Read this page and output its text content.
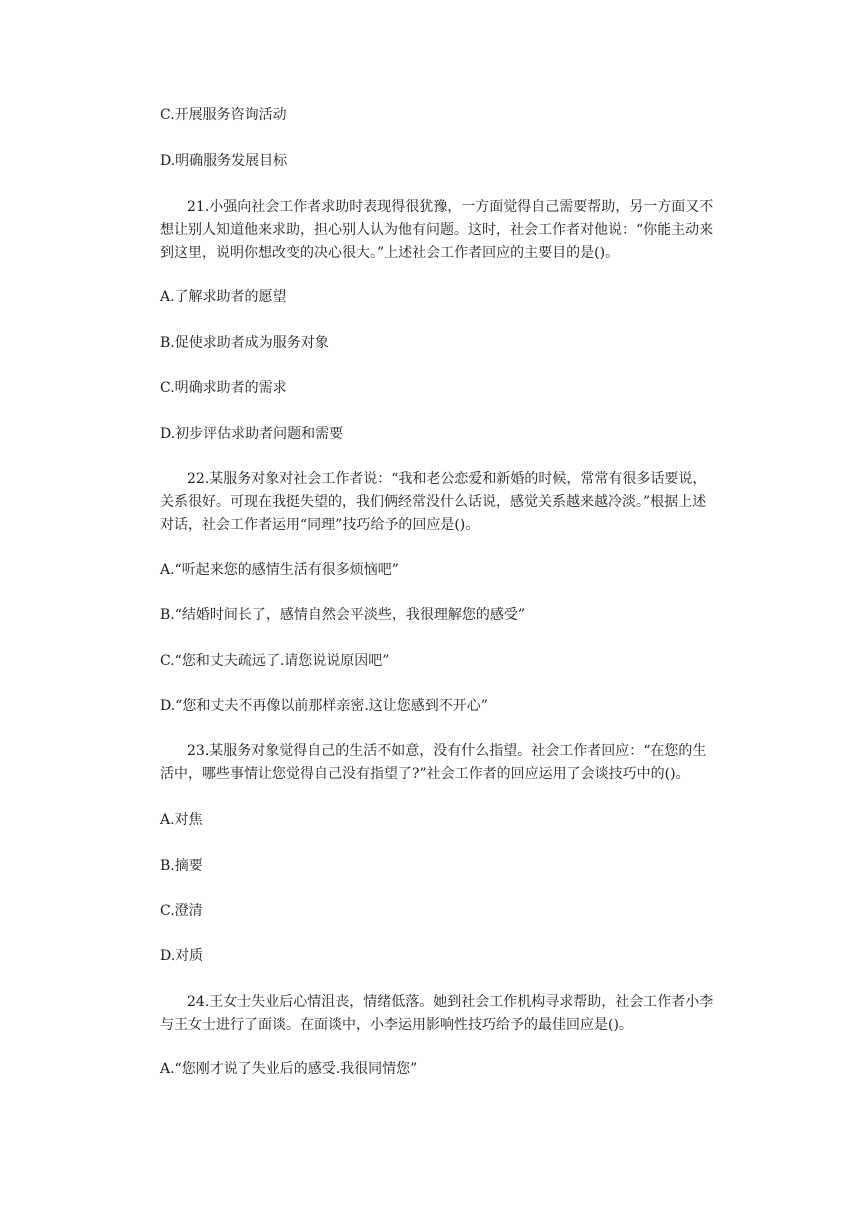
C.开展服务咨询活动

D.明确服务发展目标

21.小强向社会工作者求助时表现得很犹豫，一方面觉得自己需要帮助，另一方面又不
想让别人知道他来求助，担心别人认为他有问题。这时，社会工作者对他说：“你能主动来
到这里，说明你想改变的决心很大。”上述社会工作者回应的主要目的是()。

A.了解求助者的愿望

B.促使求助者成为服务对象

C.明确求助者的需求

D.初步评估求助者问题和需要

22.某服务对象对社会工作者说：“我和老公恋爱和新婚的时候，常常有很多话要说，
关系很好。可现在我挺失望的，我们俩经常没什么话说，感觉关系越来越冷淡。”根据上述
对话，社会工作者运用“同理”技巧给予的回应是()。

A.“听起来您的感情生活有很多烦恼吧”

B.“结婚时间长了，感情自然会平淡些，我很理解您的感受”

C.“您和丈夫疏远了.请您说说原因吧”

D.“您和丈夫不再像以前那样亲密.这让您感到不开心”

23.某服务对象觉得自己的生活不如意，没有什么指望。社会工作者回应：“在您的生
活中，哪些事情让您觉得自己没有指望了?”社会工作者的回应运用了会谈技巧中的()。

A.对焦

B.摘要

C.澄清

D.对质

24.王女士失业后心情沮丧，情绪低落。她到社会工作机构寻求帮助，社会工作者小李
与王女士进行了面谈。在面谈中，小李运用影响性技巧给予的最佳回应是()。

A.“您刚才说了失业后的感受.我很同情您”
